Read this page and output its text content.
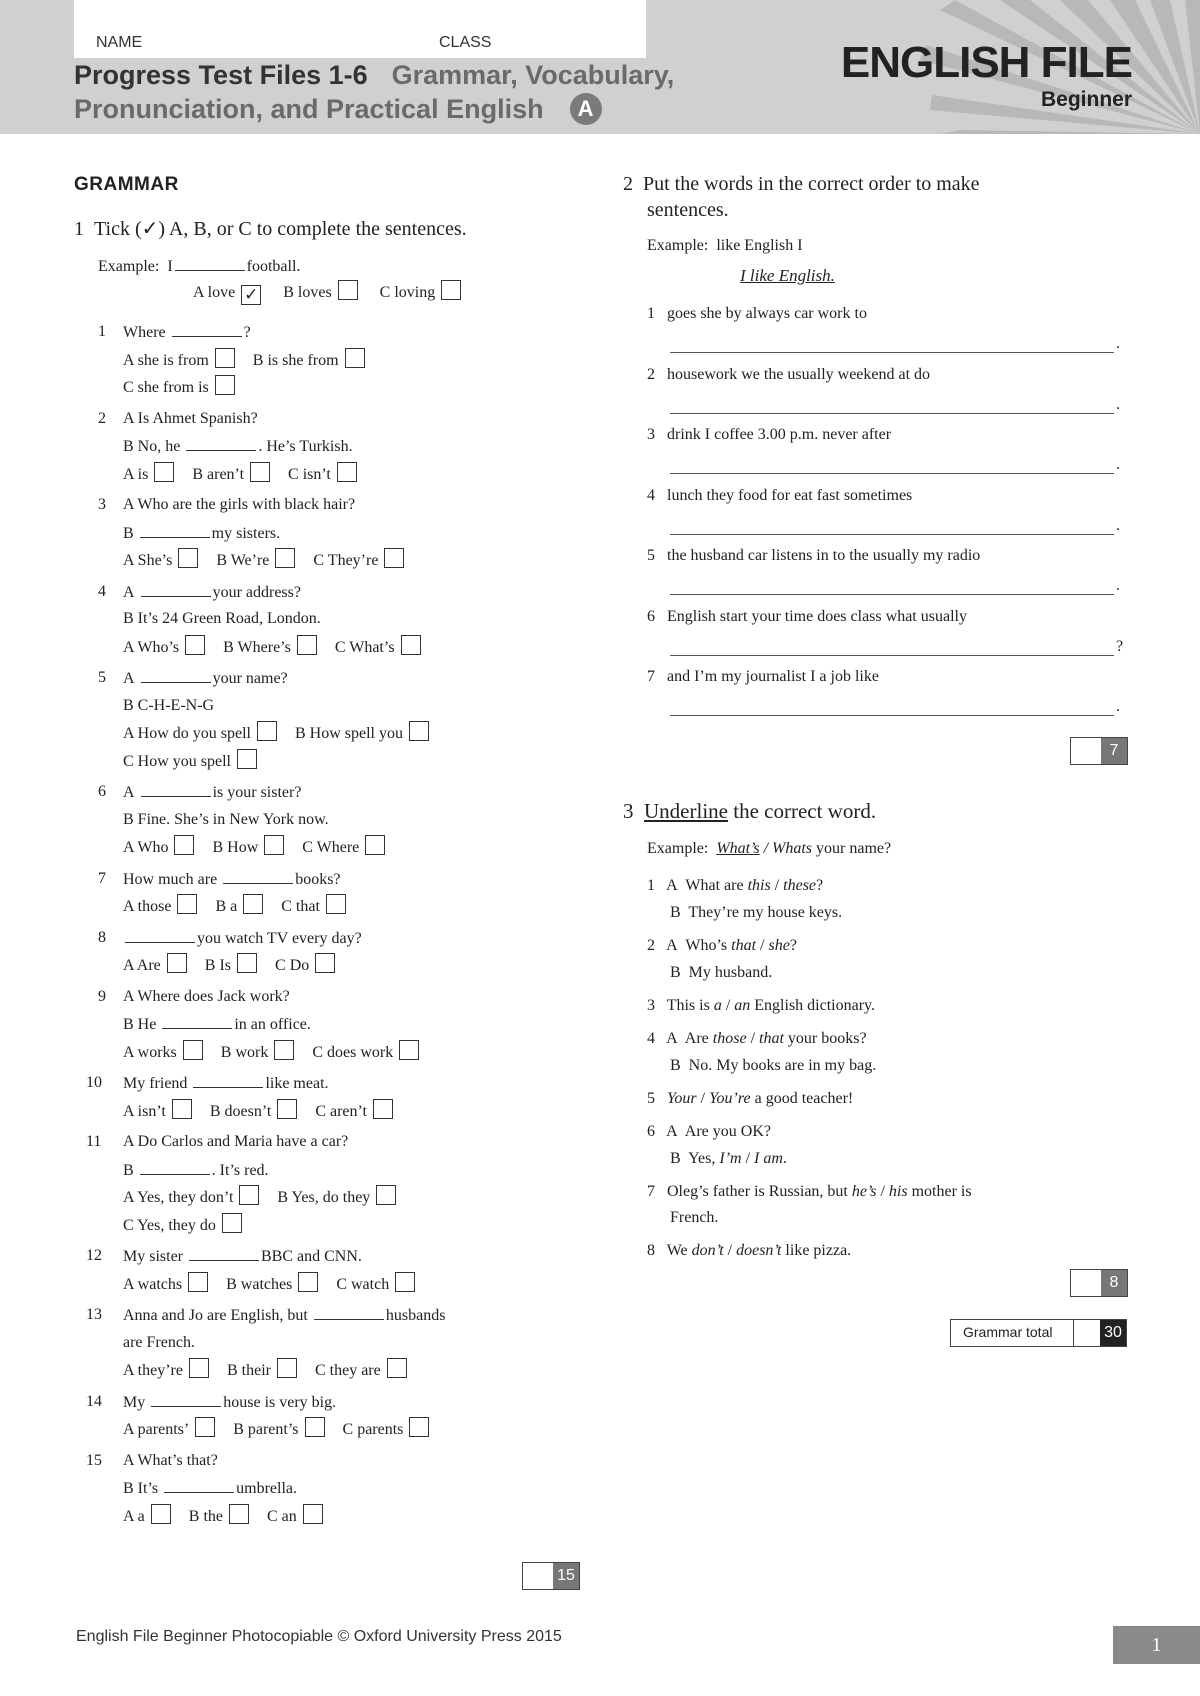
NAME	CLASS
Progress Test Files 1-6 Grammar, Vocabulary,
Pronunciation, and Practical English A
ENGLISH FILE
Beginner
GRAMMAR
1 Tick (✓) A, B, or C to complete the sentences.
Example: I	football.
A love ✓ B loves	C loving
1 Where	?
A she is from	B is she from
C she from is
2 A Is Ahmet Spanish?
B No, he	. He’s Turkish.
A is	B aren’t	C isn’t
3 A Who are the girls with black hair?
B	my sisters.
A She’s	B We’re	C They’re
4 A	your address?
B It’s 24 Green Road, London.
A Who’s	B Where’s	C What’s
5 A	your name?
B C-H-E-N-G
A How do you spell	B How spell you
C How you spell
6 A	is your sister?
B Fine. She’s in New York now.
A Who	B How	C Where
7 How much are	books?
A those	B a	C that
8	you watch TV every day?
A Are	B Is	C Do
9 A Where does Jack work?
B He	in an office.
A works	B work	C does work
10 My friend	like meat.
A isn’t	B doesn’t	C aren’t
11 A Do Carlos and Maria have a car?
B	. It’s red.
A Yes, they don’t	B Yes, do they
C Yes, they do
12 My sister	BBC and CNN.
A watchs	B watches	C watch
13 Anna and Jo are English, but	husbands
are French.
A they’re	B their	C they are
14 My	house is very big.
A parents’	B parent’s	C parents
15 A What’s that?
B It’s	umbrella.
A a	B the	C an
15
2 Put the words in the correct order to make
sentences.
Example: like English I
I like English.
1 goes she by always car work to
.
2 housework we the usually weekend at do
.
3 drink I coffee 3.00 p.m. never after
.
4 lunch they food for eat fast sometimes
.
5 the husband car listens in to the usually my radio
.
6 English start your time does class what usually
?
7 and I’m my journalist I a job like
.
7
3 Underline the correct word.
Example: What’s / Whats your name?
1   A  What are this / these?
B  They’re my house keys.
2   A  Who’s that / she?
B  My husband.
3   This is a / an English dictionary.
4   A  Are those / that your books?
B  No. My books are in my bag.
5   Your / You’re a good teacher!
6   A  Are you OK?
B  Yes, I’m / I am.
7   Oleg’s father is Russian, but he’s / his mother is
French.
8   We don’t / doesn’t like pizza.
8
Grammar total	30
English File Beginner Photocopiable © Oxford University Press 2015	1
